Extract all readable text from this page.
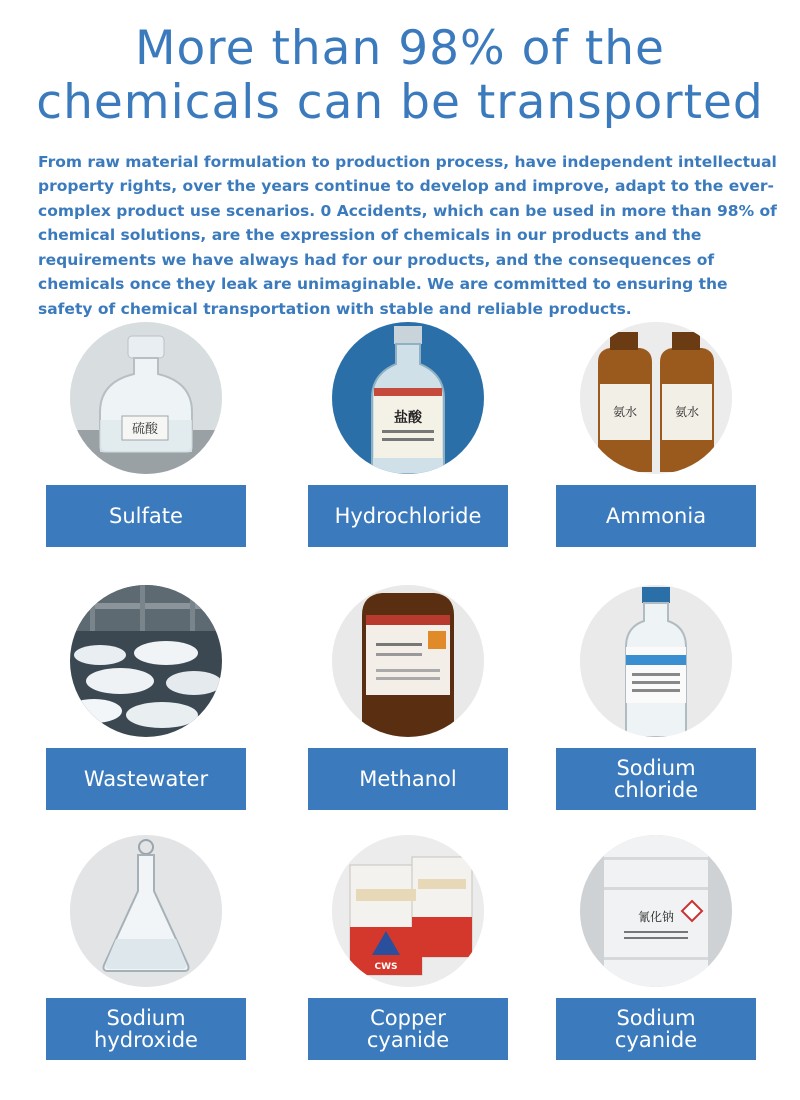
More than 98% of the
chemicals can be transported

From raw material formulation to production process, have independent intellectual property rights, over the years continue to develop and improve, adapt to the ever-complex product use scenarios. 0 Accidents, which can be used in more than 98% of chemical solutions, are the expression of chemicals in our products and the requirements we have always had for our products, and the consequences of chemicals once they leak are unimaginable. We are committed to ensuring the safety of chemical transportation with stable and reliable products.

硫酸
Sulfate
盐酸
Hydrochloride
氨水	氨水
Ammonia
Wastewater	Methanol	Sodium
chloride
Sodium
hydroxide
CWS
Copper
cyanide
氰化钠
Sodium
cyanide
